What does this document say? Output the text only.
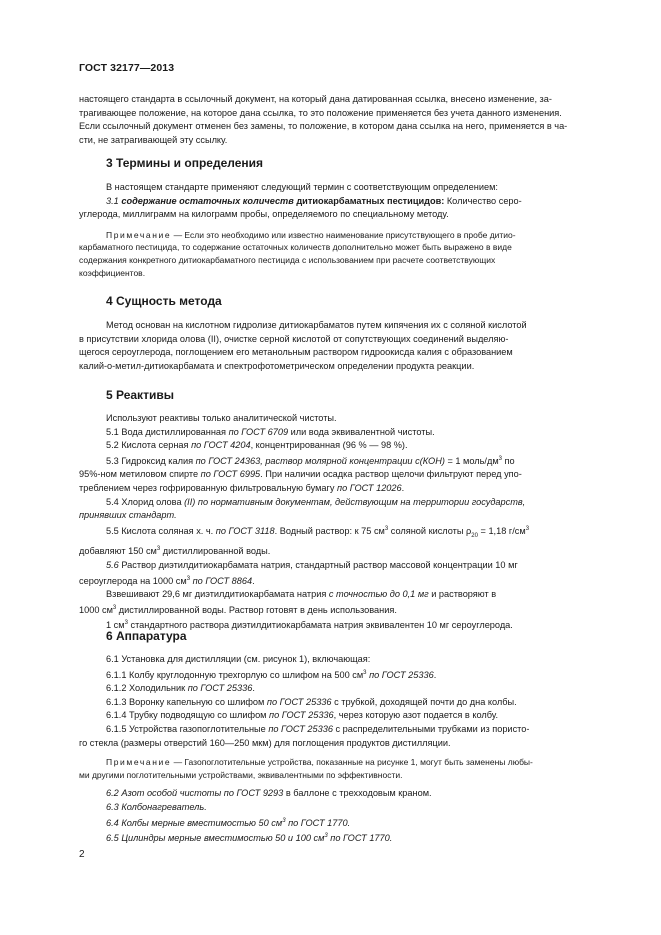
ГОСТ 32177—2013

настоящего стандарта в ссылочный документ, на который дана датированная ссылка, внесено изменение, за-

трагивающее положение, на которое дана ссылка, то это положение применяется без учета данного изменения.

Если ссылочный документ отменен без замены, то положение, в котором дана ссылка на него, применяется в ча-

сти, не затрагивающей эту ссылку.

3 Термины и определения

В настоящем стандарте применяют следующий термин с соответствующим определением:

3.1 содержание остаточных количеств дитиокарбаматных пестицидов: Количество серо-

углерода, миллиграмм на килограмм пробы, определяемого по специальному методу.

Примечание — Если это необходимо или известно наименование присутствующего в пробе дитио-

карбаматного пестицида, то содержание остаточных количеств дополнительно может быть выражено в виде

содержания конкретного дитиокарбаматного пестицида с использованием при расчете соответствующих

коэффициентов.

4 Сущность метода

Метод основан на кислотном гидролизе дитиокарбаматов путем кипячения их с соляной кислотой

в присутствии хлорида олова (II), очистке серной кислотой от сопутствующих соединений выделяю-

щегося сероуглерода, поглощением его метанольным раствором гидроокисда калия с образованием

калий-о-метил-дитиокарбамата и спектрофотометрическом определении продукта реакции.

5 Реактивы

Используют реактивы только аналитической чистоты.

5.1 Вода дистиллированная по ГОСТ 6709 или вода эквивалентной чистоты.

5.2 Кислота серная по ГОСТ 4204, концентрированная (96 % — 98 %).

5.3 Гидроксид калия по ГОСТ 24363, раствор молярной концентрации с(КОН) = 1 моль/$дм^3$ по

95%-ном метиловом спирте по ГОСТ 6995. При наличии осадка раствор щелочи фильтруют перед упо-

треблением через гофрированную фильтровальную бумагу по ГОСТ 12026.

5.4 Хлорид олова (II) по нормативным документам, действующим на территории государств,

принявших стандарт.

5.5 Кислота соляная х. ч. по ГОСТ 3118. Водный раствор: к 75 $см^3$ соляной кислоты $\rho_{20} = 1,18$ $г/см^3$

добавляют 150 $см^3$ дистиллированной воды.

5.6 Раствор диэтилдитиокарбамата натрия, стандартный раствор массовой концентрации 10 мг

сероуглерода на 1000 $см^3$ по ГОСТ 8864.

Взвешивают 29,6 мг диэтилдитиокарбамата натрия с точностью до 0,1 мг и растворяют в

1000 $см^3$ дистиллированной воды. Раствор готовят в день использования.

1 $см^3$ стандартного раствора диэтилдитиокарбамата натрия эквивалентен 10 мг сероуглерода.

6 Аппаратура

6.1 Установка для дистилляции (см. рисунок 1), включающая:

6.1.1 Колбу круглодонную трехгорлую со шлифом на 500 $см^3$ по ГОСТ 25336.

6.1.2 Холодильник по ГОСТ 25336.

6.1.3 Воронку капельную со шлифом по ГОСТ 25336 с трубкой, доходящей почти до дна колбы.

6.1.4 Трубку подводящую со шлифом по ГОСТ 25336, через которую азот подается в колбу.

6.1.5 Устройства газопоглотительные по ГОСТ 25336 с распределительными трубками из пористо-

го стекла (размеры отверстий 160—250 мкм) для поглощения продуктов дистилляции.

Примечание — Газопоглотительные устройства, показанные на рисунке 1, могут быть заменены любы-

ми другими поглотительными устройствами, эквивалентными по эффективности.

6.2 Азот особой чистоты по ГОСТ 9293 в баллоне с трехходовым краном.

6.3 Колбонагреватель.

6.4 Колбы мерные вместимостью 50 $см^3$ по ГОСТ 1770.

6.5 Цилиндры мерные вместимостью 50 и 100 $см^3$ по ГОСТ 1770.

2
